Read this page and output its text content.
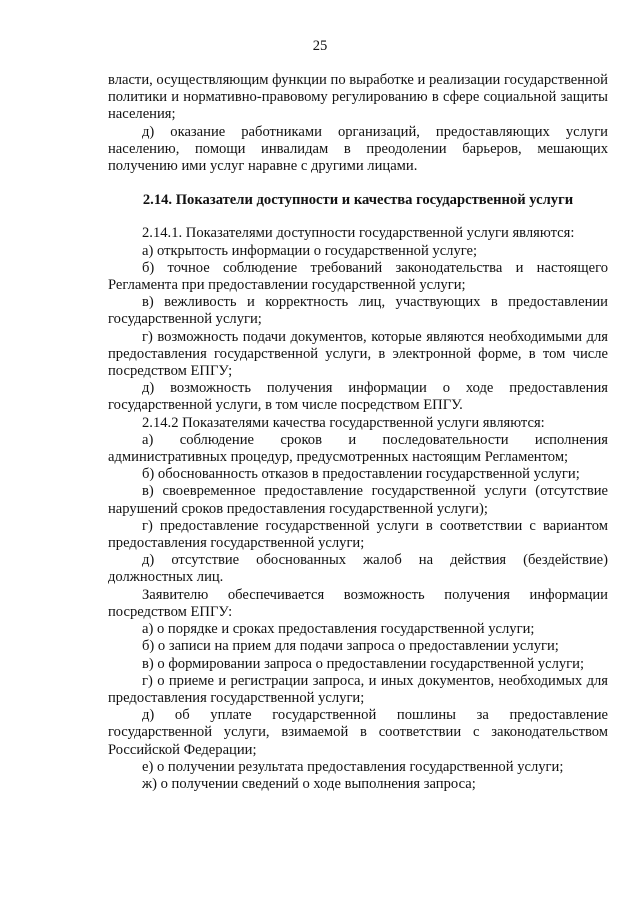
25

власти, осуществляющим функции по выработке и реализации государственной политики и нормативно-правовому регулированию в сфере социальной защиты населения;

д) оказание работниками организаций, предоставляющих услуги населению, помощи инвалидам в преодолении барьеров, мешающих получению ими услуг наравне с другими лицами.

2.14. Показатели доступности и качества государственной услуги

2.14.1. Показателями доступности государственной услуги являются:

а) открытость информации о государственной услуге;

б) точное соблюдение требований законодательства и настоящего Регламента при предоставлении государственной услуги;

в) вежливость и корректность лиц, участвующих в предоставлении государственной услуги;

г) возможность подачи документов, которые являются необходимыми для предоставления государственной услуги, в электронной форме, в том числе посредством ЕПГУ;

д) возможность получения информации о ходе предоставления государственной услуги, в том числе посредством ЕПГУ.

2.14.2 Показателями качества государственной услуги являются:

а) соблюдение сроков и последовательности исполнения административных процедур, предусмотренных настоящим Регламентом;

б) обоснованность отказов в предоставлении государственной услуги;

в) своевременное предоставление государственной услуги (отсутствие нарушений сроков предоставления государственной услуги);

г) предоставление государственной услуги в соответствии с вариантом предоставления государственной услуги;

д) отсутствие обоснованных жалоб на действия (бездействие) должностных лиц.

Заявителю обеспечивается возможность получения информации посредством ЕПГУ:

а) о порядке и сроках предоставления государственной услуги;

б) о записи на прием для подачи запроса о предоставлении услуги;

в) о формировании запроса о предоставлении государственной услуги;

г) о приеме и регистрации запроса, и иных документов, необходимых для предоставления государственной услуги;

д) об уплате государственной пошлины за предоставление государственной услуги, взимаемой в соответствии с законодательством Российской Федерации;

е) о получении результата предоставления государственной услуги;

ж) о получении сведений о ходе выполнения запроса;
